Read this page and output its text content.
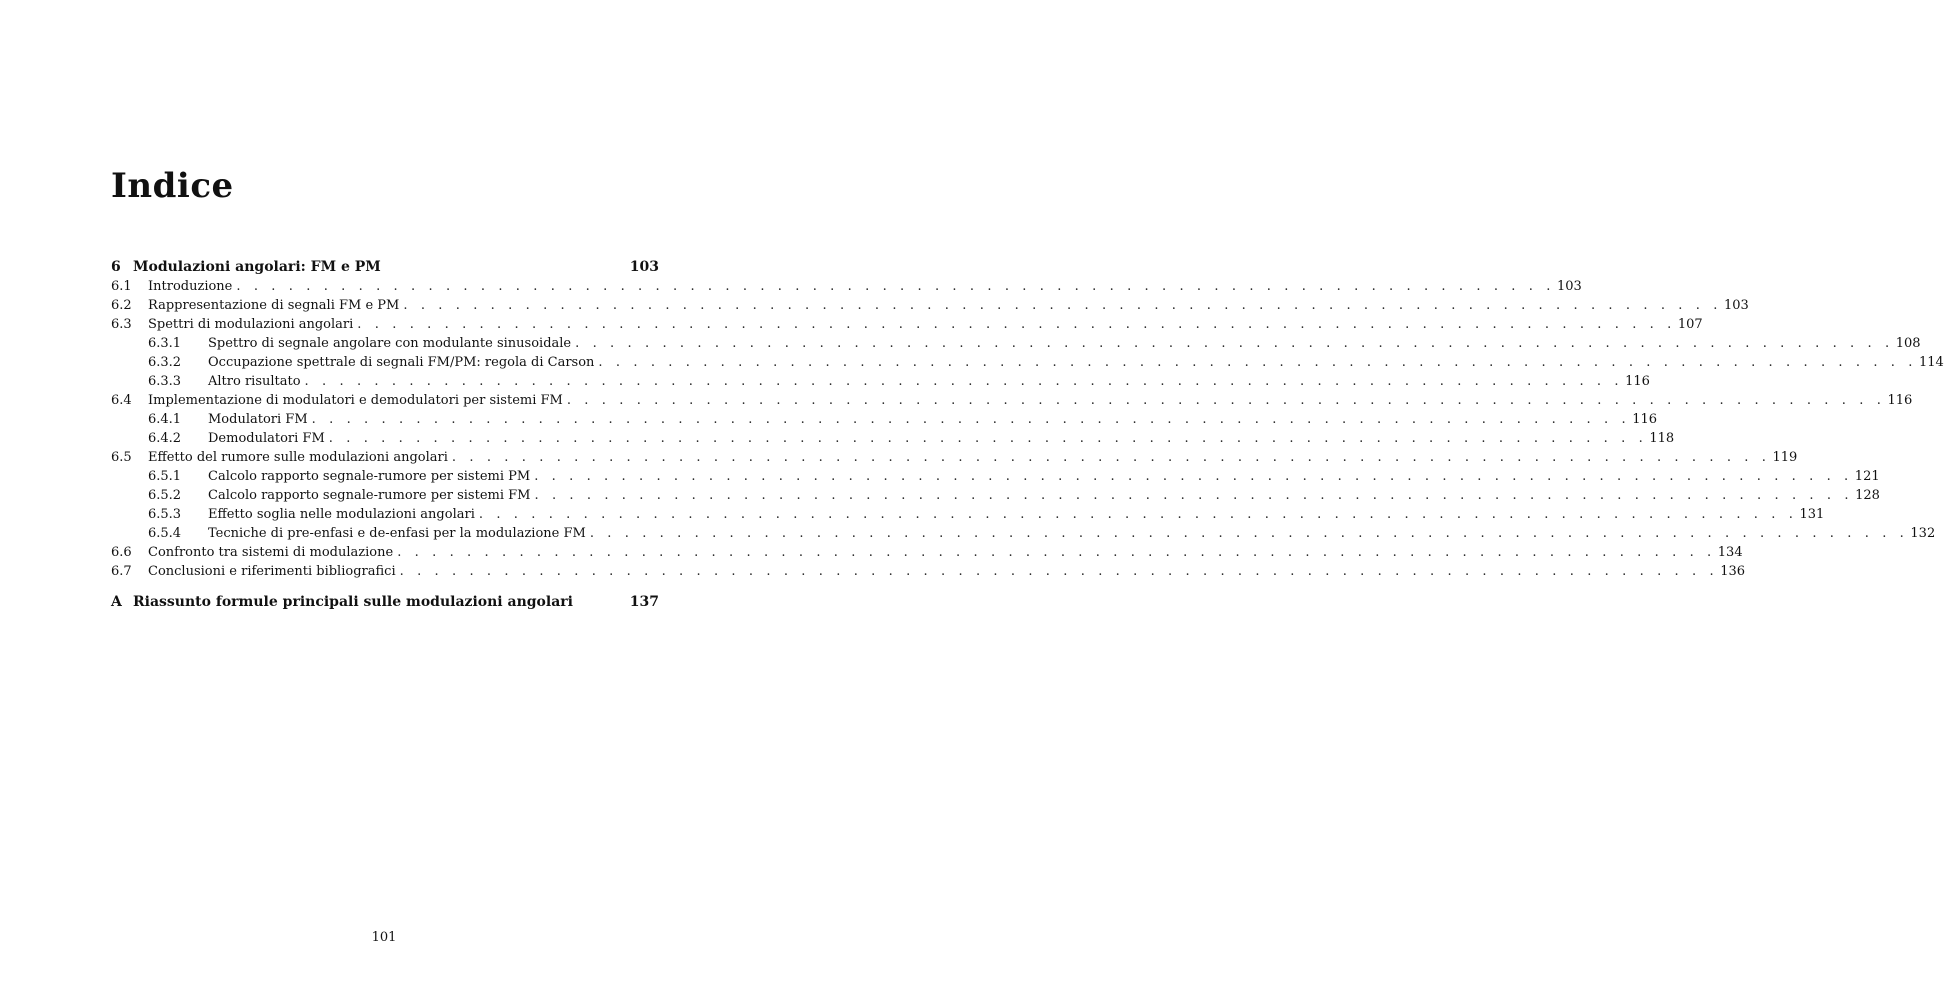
Indice
6 Modulazioni angolari: FM e PM	103
6.1	Introduzione . . . . . . . . . . . . . . . . . . . . . . . . . . . . . . . . . . . . . . . . . . . . . . . . . . . . . . . . . . . . . . . . . . . . . . . . . . . . 103
6.2	Rappresentazione di segnali FM e PM . . . . . . . . . . . . . . . . . . . . . . . . . . . . . . . . . . . . . . . . . . . . . . . . . . . . . . . . . . . . . . . . . . . . . . . . . . . . 103
6.3	Spettri di modulazioni angolari . . . . . . . . . . . . . . . . . . . . . . . . . . . . . . . . . . . . . . . . . . . . . . . . . . . . . . . . . . . . . . . . . . . . . . . . . . . . 107
6.3.1	Spettro di segnale angolare con modulante sinusoidale . . . . . . . . . . . . . . . . . . . . . . . . . . . . . . . . . . . . . . . . . . . . . . . . . . . . . . . . . . . . . . . . . . . . . . . . . . . . 108
6.3.2	Occupazione spettrale di segnali FM/PM: regola di Carson . . . . . . . . . . . . . . . . . . . . . . . . . . . . . . . . . . . . . . . . . . . . . . . . . . . . . . . . . . . . . . . . . . . . . . . . . . . . 114
6.3.3	Altro risultato . . . . . . . . . . . . . . . . . . . . . . . . . . . . . . . . . . . . . . . . . . . . . . . . . . . . . . . . . . . . . . . . . . . . . . . . . . . . 116
6.4	Implementazione di modulatori e demodulatori per sistemi FM . . . . . . . . . . . . . . . . . . . . . . . . . . . . . . . . . . . . . . . . . . . . . . . . . . . . . . . . . . . . . . . . . . . . . . . . . . . . 116
6.4.1	Modulatori FM . . . . . . . . . . . . . . . . . . . . . . . . . . . . . . . . . . . . . . . . . . . . . . . . . . . . . . . . . . . . . . . . . . . . . . . . . . . . 116
6.4.2	Demodulatori FM . . . . . . . . . . . . . . . . . . . . . . . . . . . . . . . . . . . . . . . . . . . . . . . . . . . . . . . . . . . . . . . . . . . . . . . . . . . . 118
6.5	Effetto del rumore sulle modulazioni angolari . . . . . . . . . . . . . . . . . . . . . . . . . . . . . . . . . . . . . . . . . . . . . . . . . . . . . . . . . . . . . . . . . . . . . . . . . . . . 119
6.5.1	Calcolo rapporto segnale-rumore per sistemi PM . . . . . . . . . . . . . . . . . . . . . . . . . . . . . . . . . . . . . . . . . . . . . . . . . . . . . . . . . . . . . . . . . . . . . . . . . . . . 121
6.5.2	Calcolo rapporto segnale-rumore per sistemi FM . . . . . . . . . . . . . . . . . . . . . . . . . . . . . . . . . . . . . . . . . . . . . . . . . . . . . . . . . . . . . . . . . . . . . . . . . . . . 128
6.5.3	Effetto soglia nelle modulazioni angolari . . . . . . . . . . . . . . . . . . . . . . . . . . . . . . . . . . . . . . . . . . . . . . . . . . . . . . . . . . . . . . . . . . . . . . . . . . . . 131
6.5.4	Tecniche di pre-enfasi e de-enfasi per la modulazione FM . . . . . . . . . . . . . . . . . . . . . . . . . . . . . . . . . . . . . . . . . . . . . . . . . . . . . . . . . . . . . . . . . . . . . . . . . . . . 132
6.6	Confronto tra sistemi di modulazione . . . . . . . . . . . . . . . . . . . . . . . . . . . . . . . . . . . . . . . . . . . . . . . . . . . . . . . . . . . . . . . . . . . . . . . . . . . . 134
6.7	Conclusioni e riferimenti bibliografici . . . . . . . . . . . . . . . . . . . . . . . . . . . . . . . . . . . . . . . . . . . . . . . . . . . . . . . . . . . . . . . . . . . . . . . . . . . . 136
A Riassunto formule principali sulle modulazioni angolari	137
101
